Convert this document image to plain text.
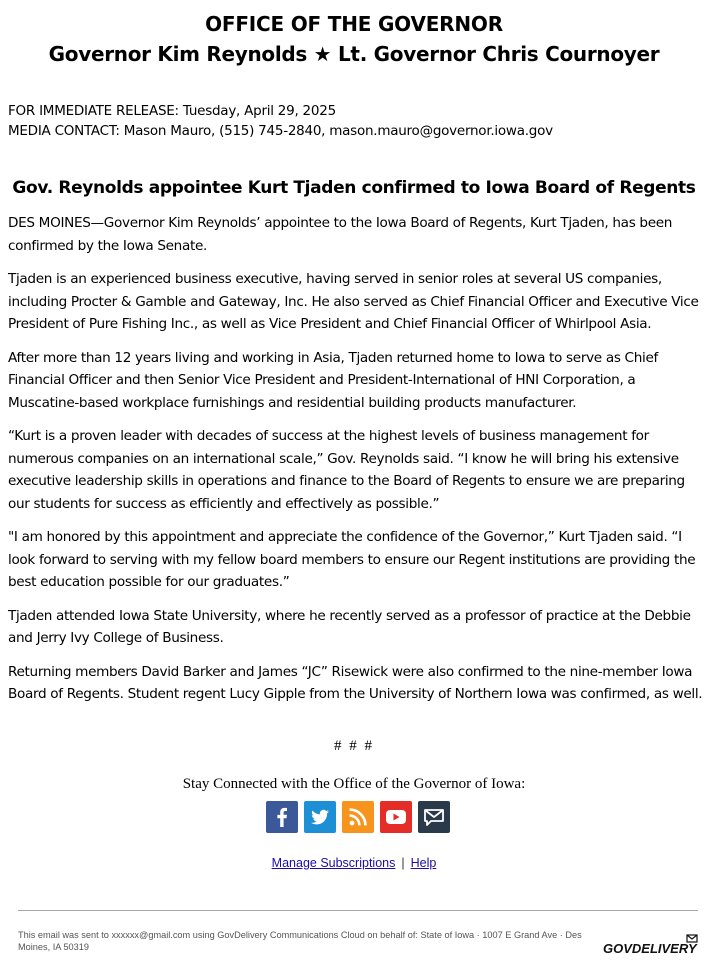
OFFICE OF THE GOVERNOR
Governor Kim Reynolds ★ Lt. Governor Chris Cournoyer
FOR IMMEDIATE RELEASE: Tuesday, April 29, 2025
MEDIA CONTACT: Mason Mauro, (515) 745-2840, mason.mauro@governor.iowa.gov
Gov. Reynolds appointee Kurt Tjaden confirmed to Iowa Board of Regents

DES MOINES—Governor Kim Reynolds’ appointee to the Iowa Board of Regents, Kurt Tjaden, has been confirmed by the Iowa Senate.

Tjaden is an experienced business executive, having served in senior roles at several US companies, including Procter & Gamble and Gateway, Inc. He also served as Chief Financial Officer and Executive Vice President of Pure Fishing Inc., as well as Vice President and Chief Financial Officer of Whirlpool Asia.

After more than 12 years living and working in Asia, Tjaden returned home to Iowa to serve as Chief Financial Officer and then Senior Vice President and President-International of HNI Corporation, a Muscatine-based workplace furnishings and residential building products manufacturer.

“Kurt is a proven leader with decades of success at the highest levels of business management for numerous companies on an international scale,” Gov. Reynolds said. “I know he will bring his extensive executive leadership skills in operations and finance to the Board of Regents to ensure we are preparing our students for success as efficiently and effectively as possible.”

"I am honored by this appointment and appreciate the confidence of the Governor,” Kurt Tjaden said. “I look forward to serving with my fellow board members to ensure our Regent institutions are providing the best education possible for our graduates.”

Tjaden attended Iowa State University, where he recently served as a professor of practice at the Debbie and Jerry Ivy College of Business.

Returning members David Barker and James “JC” Risewick were also confirmed to the nine-member Iowa Board of Regents. Student regent Lucy Gipple from the University of Northern Iowa was confirmed, as well.

# # #
Stay Connected with the Office of the Governor of Iowa:
Manage Subscriptions | Help
This email was sent to xxxxxx@gmail.com using GovDelivery Communications Cloud on behalf of: State of Iowa · 1007 E Grand Ave · Des Moines, IA 50319	GOVDELIVERY
